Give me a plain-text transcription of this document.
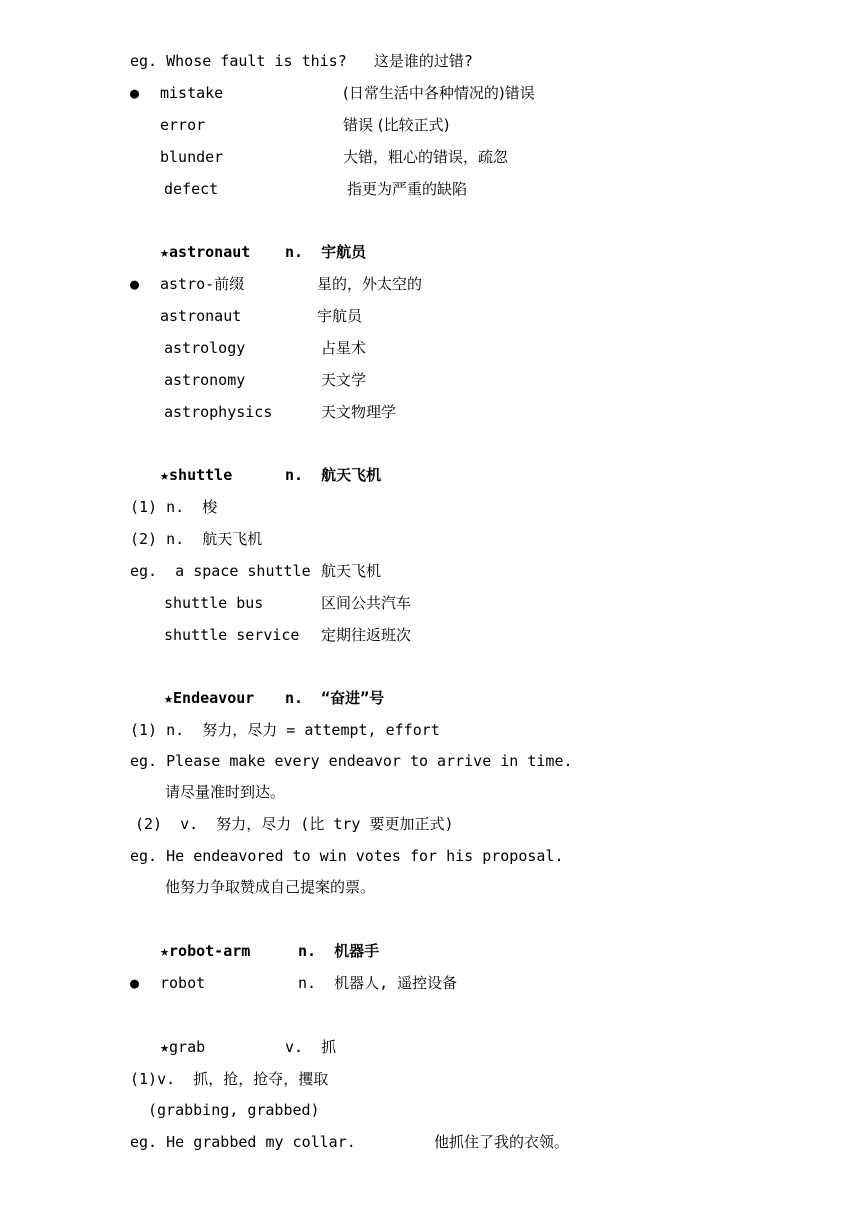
eg. Whose fault is this?   这是谁的过错?
● mistake	(日常生活中各种情况的)错误
error	错误 (比较正式)
blunder	大错，粗心的错误，疏忽
defect	指更为严重的缺陷
★astronaut n.  宇航员
● astro-前缀	星的，外太空的
astronaut	宇航员
astrology	占星术
astronomy	天文学
astrophysics	天文物理学
★shuttle	n.  航天飞机
(1) n.  梭
(2) n.  航天飞机
eg.  a space shuttle 航天飞机
shuttle bus	区间公共汽车
shuttle service 定期往返班次
★Endeavour n.  “奋进”号
(1) n.  努力，尽力 = attempt, effort
eg. Please make every endeavor to arrive in time.
请尽量准时到达。
(2)  v.  努力，尽力 (比 try 要更加正式)
eg. He endeavored to win votes for his proposal.
他努力争取赞成自己提案的票。
★robot-arm	n.  机器手
● robot	n.  机器人, 遥控设备
★grab	v.  抓
(1)v.  抓，抢，抢夺，攫取
(grabbing, grabbed)
eg. He grabbed my collar.	他抓住了我的衣领。
